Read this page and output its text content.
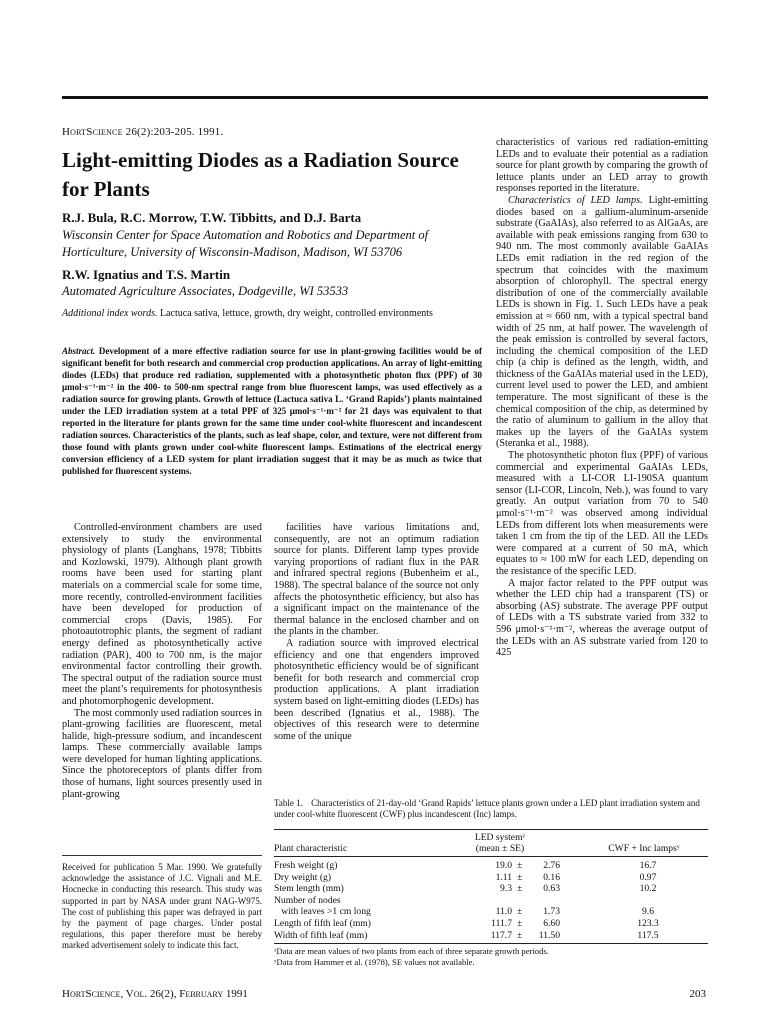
HortScience 26(2):203-205. 1991.
Light-emitting Diodes as a Radiation Source for Plants
R.J. Bula, R.C. Morrow, T.W. Tibbitts, and D.J. Barta
Wisconsin Center for Space Automation and Robotics and Department of Horticulture, University of Wisconsin-Madison, Madison, WI 53706
R.W. Ignatius and T.S. Martin
Automated Agriculture Associates, Dodgeville, WI 53533
Additional index words. Lactuca sativa, lettuce, growth, dry weight, controlled environments
Abstract. Development of a more effective radiation source for use in plant-growing facilities would be of significant benefit for both research and commercial crop production applications. An array of light-emitting diodes (LEDs) that produce red radiation, supplemented with a photosynthetic photon flux (PPF) of 30 μmol·s⁻¹·m⁻² in the 400- to 500-nm spectral range from blue fluorescent lamps, was used effectively as a radiation source for growing plants. Growth of lettuce (Lactuca sativa L. ‘Grand Rapids’) plants maintained under the LED irradiation system at a total PPF of 325 μmol·s⁻¹·m⁻² for 21 days was equivalent to that reported in the literature for plants grown for the same time under cool-white fluorescent and incandescent radiation sources. Characteristics of the plants, such as leaf shape, color, and texture, were not different from those found with plants grown under cool-white fluorescent lamps. Estimations of the electrical energy conversion efficiency of a LED system for plant irradiation suggest that it may be as much as twice that published for fluorescent systems.

Controlled-environment chambers are used extensively to study the environmental physiology of plants (Langhans, 1978; Tibbitts and Kozlowski, 1979). Although plant growth rooms have been used for starting plant materials on a commercial scale for some time, more recently, controlled-environment facilities have been developed for production of commercial crops (Davis, 1985). For photoautotrophic plants, the segment of radiant energy defined as photosynthetically active radiation (PAR), 400 to 700 nm, is the major environmental factor controlling their growth. The spectral output of the radiation source must meet the plant’s requirements for photosynthesis and photomorphogenic development.

The most commonly used radiation sources in plant-growing facilities are fluorescent, metal halide, high-pressure sodium, and incandescent lamps. These commercially available lamps were developed for human lighting applications. Since the photoreceptors of plants differ from those of humans, light sources presently used in plant-growing

Received for publication 5 Mar. 1990. We gratefully acknowledge the assistance of J.C. Vignali and M.E. Hocnecke in conducting this research. This study was supported in part by NASA under grant NAG-W975. The cost of publishing this paper was defrayed in part by the payment of page charges. Under postal regulations, this paper therefore must be hereby marked advertisement solely to indicate this fact.

facilities have various limitations and, consequently, are not an optimum radiation source for plants. Different lamp types provide varying proportions of radiant flux in the PAR and infrared spectral regions (Bubenheim et al., 1988). The spectral balance of the source not only affects the photosynthetic efficiency, but also has a significant impact on the maintenance of the thermal balance in the enclosed chamber and on the plants in the chamber.

A radiation source with improved electrical efficiency and one that engenders improved photosynthetic efficiency would be of significant benefit for both research and commercial crop production applications. A plant irradiation system based on light-emitting diodes (LEDs) has been described (Ignatius et al., 1988). The objectives of this research were to determine some of the unique

characteristics of various red radiation-emitting LEDs and to evaluate their potential as a radiation source for plant growth by comparing the growth of lettuce plants under an LED array to growth responses reported in the literature.

Characteristics of LED lamps. Light-emitting diodes based on a gallium-aluminum-arsenide substrate (GaAIAs), also referred to as AlGaAs, are available with peak emissions ranging from 630 to 940 nm. The most commonly available GaAIAs LEDs emit radiation in the red region of the spectrum that coincides with the maximum absorption of chlorophyll. The spectral energy distribution of one of the commercially available LEDs is shown in Fig. 1. Such LEDs have a peak emission at ≈ 660 nm, with a typical spectral band width of 25 nm, at half power. The wavelength of the peak emission is controlled by several factors, including the chemical composition of the LED chip (a chip is defined as the length, width, and thickness of the GaAIAs material used in the LED), current level used to power the LED, and ambient temperature. The most significant of these is the chemical composition of the chip, as determined by the ratio of aluminum to gallium in the alloy that makes up the layers of the GaAIAs system (Steranka et al., 1988).

The photosynthetic photon flux (PPF) of various commercial and experimental GaAIAs LEDs, measured with a LI-COR LI-190SA quantum sensor (LI-COR, Lincoln, Neb.), was found to vary greatly. An output variation from 70 to 540 μmol·s⁻¹·m⁻² was observed among individual LEDs from different lots when measurements were taken 1 cm from the tip of the LED. All the LEDs were compared at a current of 50 mA, which equates to ≈ 100 mW for each LED, depending on the resistance of the specific LED.

A major factor related to the PPF output was whether the LED chip had a transparent (TS) or absorbing (AS) substrate. The average PPF output of LEDs with a TS substrate varied from 332 to 596 μmol·s⁻¹·m⁻², whereas the average output of the LEDs with an AS substrate varied from 120 to 425

Table 1. Characteristics of 21-day-old ‘Grand Rapids’ lettuce plants grown under a LED plant irradiation system and under cool-white fluorescent (CWF) plus incandescent (Inc) lamps.
Plant characteristic
LED systemᶻ
(mean ± SE)	CWF + Inc lampsʸ
Fresh weight (g)	19.0 ±	2.76	16.7
Dry weight (g)	1.11 ±	0.16	0.97
Stem length (mm)	9.3 ±	0.63	10.2
Number of nodes
with leaves >1 cm long	11.0 ±	1.73	9.6
Length of fifth leaf (mm)	111.7 ±	6.60	123.3
Width of fifth leaf (mm)	117.7 ±	11.50	117.5
ᶻData are mean values of two plants from each of three separate growth periods.
ʸData from Hammer et al. (1978), SE values not available.
HortScience, Vol. 26(2), February 1991	203
